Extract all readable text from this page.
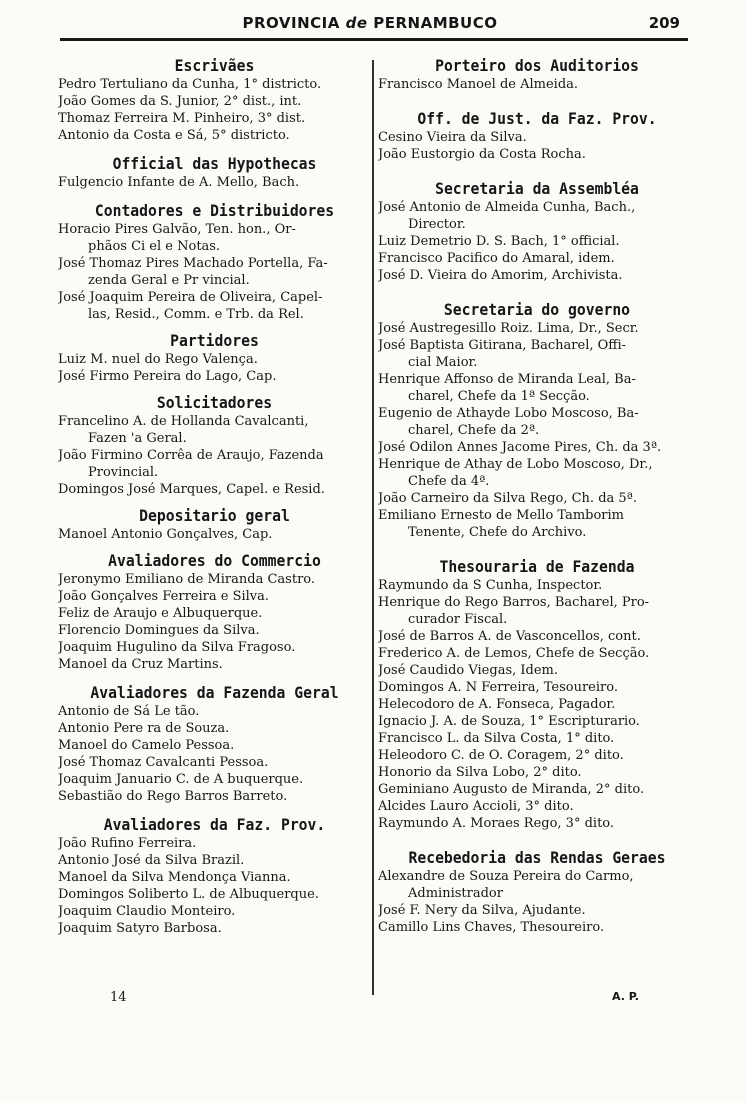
PROVINCIA de PERNAMBUCO	209
Escrivães
Pedro Tertuliano da Cunha, 1° districto.
João Gomes da S. Junior, 2° dist., int.
Thomaz Ferreira M. Pinheiro, 3° dist.
Antonio da Costa e Sá, 5° districto.
Official das Hypothecas
Fulgencio Infante de A. Mello, Bach.
Contadores e Distribuidores
Horacio Pires Galvão, Ten. hon., Or-
phãos Ci el e Notas.
José Thomaz Pires Machado Portella, Fa-
zenda Geral e Pr vincial.
José Joaquim Pereira de Oliveira, Capel-
las, Resid., Comm. e Trb. da Rel.
Partidores
Luiz M. nuel do Rego Valença.
José Firmo Pereira do Lago, Cap.
Solicitadores
Francelino A. de Hollanda Cavalcanti,
Fazen 'a Geral.
João Firmino Corrêa de Araujo, Fazenda
Provincial.
Domingos José Marques, Capel. e Resid.
Depositario geral
Manoel Antonio Gonçalves, Cap.
Avaliadores do Commercio
Jeronymo Emiliano de Miranda Castro.
João Gonçalves Ferreira e Silva.
Feliz de Araujo e Albuquerque.
Florencio Domingues da Silva.
Joaquim Hugulino da Silva Fragoso.
Manoel da Cruz Martins.
Avaliadores da Fazenda Geral
Antonio de Sá Le tão.
Antonio Pere ra de Souza.
Manoel do Camelo Pessoa.
José Thomaz Cavalcanti Pessoa.
Joaquim Januario C. de A buquerque.
Sebastião do Rego Barros Barreto.
Avaliadores da Faz. Prov.
João Rufino Ferreira.
Antonio José da Silva Brazil.
Manoel da Silva Mendonça Vianna.
Domingos Soliberto L. de Albuquerque.
Joaquim Claudio Monteiro.
Joaquim Satyro Barbosa.
Porteiro dos Auditorios
Francisco Manoel de Almeida.
Off. de Just. da Faz. Prov.
Cesino Vieira da Silva.
João Eustorgio da Costa Rocha.
Secretaria da Assembléa
José Antonio de Almeida Cunha, Bach.,
Director.
Luiz Demetrio D. S. Bach, 1° official.
Francisco Pacifico do Amaral, idem.
José D. Vieira do Amorim, Archivista.
Secretaria do governo
José Austregesillo Roiz. Lima, Dr., Secr.
José Baptista Gitirana, Bacharel, Offi-
cial Maior.
Henrique Affonso de Miranda Leal, Ba-
charel, Chefe da 1ª Secção.
Eugenio de Athayde Lobo Moscoso, Ba-
charel, Chefe da 2ª.
José Odilon Annes Jacome Pires, Ch. da 3ª.
Henrique de Athay de Lobo Moscoso, Dr.,
Chefe da 4ª.
João Carneiro da Silva Rego, Ch. da 5ª.
Emiliano Ernesto de Mello Tamborim
Tenente, Chefe do Archivo.
Thesouraria de Fazenda
Raymundo da S Cunha, Inspector.
Henrique do Rego Barros, Bacharel, Pro-
curador Fiscal.
José de Barros A. de Vasconcellos, cont.
Frederico A. de Lemos, Chefe de Secção.
José Caudido Viegas, Idem.
Domingos A. N Ferreira, Tesoureiro.
Helecodoro de A. Fonseca, Pagador.
Ignacio J. A. de Souza, 1° Escripturario.
Francisco L. da Silva Costa, 1° dito.
Heleodoro C. de O. Coragem, 2° dito.
Honorio da Silva Lobo, 2° dito.
Geminiano Augusto de Miranda, 2° dito.
Alcides Lauro Accioli, 3° dito.
Raymundo A. Moraes Rego, 3° dito.
Recebedoria das Rendas Geraes
Alexandre de Souza Pereira do Carmo,
Administrador
José F. Nery da Silva, Ajudante.
Camillo Lins Chaves, Thesoureiro.
14	A. P.
